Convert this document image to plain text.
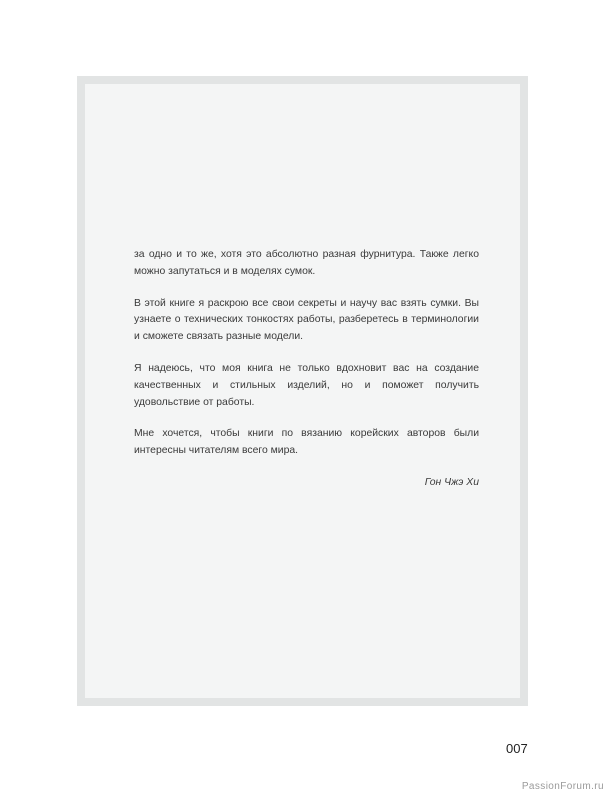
за одно и то же, хотя это абсолютно разная фурнитура. Также легко можно запутаться и в моделях сумок.

В этой книге я раскрою все свои секреты и научу вас взять сумки. Вы узнаете о технических тонкостях работы, разберетесь в терминологии и сможете связать разные модели.

Я надеюсь, что моя книга не только вдохновит вас на создание качественных и стильных изделий, но и поможет получить удовольствие от работы.

Мне хочется, чтобы книги по вязанию корейских авторов были интересны читателям всего мира.

Гон Чжэ Хи
007
PassionForum.ru
